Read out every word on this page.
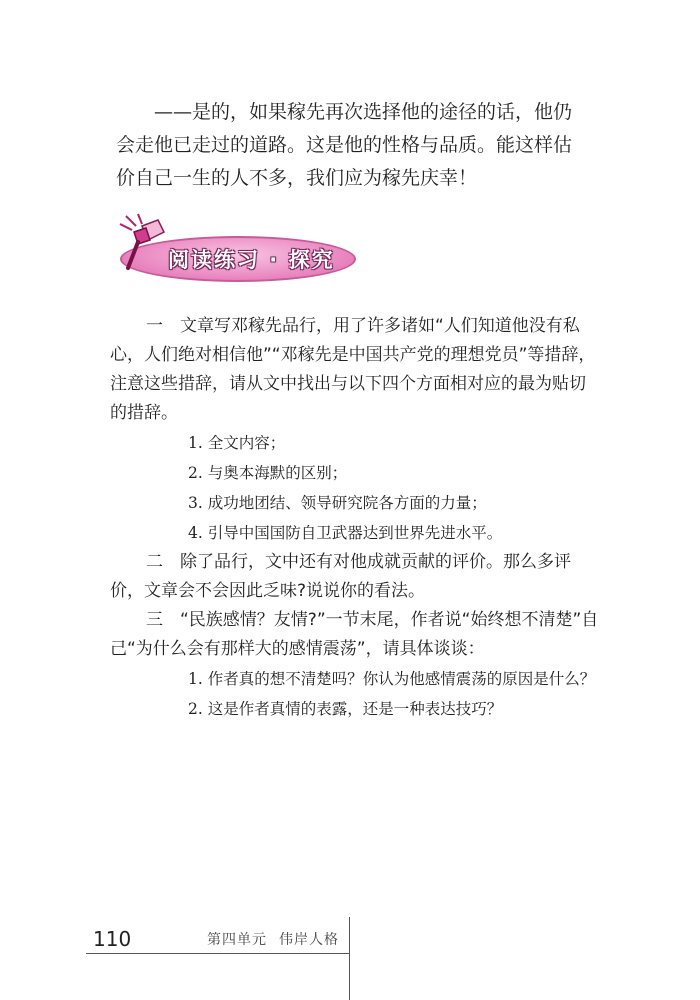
——是的，如果稼先再次选择他的途径的话，他仍

会走他已走过的道路。这是他的性格与品质。能这样估

价自己一生的人不多，我们应为稼先庆幸！

阅读练习 · 探究

一　文章写邓稼先品行，用了许多诸如“人们知道他没有私心，人们绝对相信他”“邓稼先是中国共产党的理想党员”等措辞，注意这些措辞，请从文中找出与以下四个方面相对应的最为贴切的措辞。

1. 全文内容；

2. 与奥本海默的区别；

3. 成功地团结、领导研究院各方面的力量；

4. 引导中国国防自卫武器达到世界先进水平。

二　除了品行，文中还有对他成就贡献的评价。那么多评价，文章会不会因此乏味?说说你的看法。

三　“民族感情？友情?”一节末尾，作者说“始终想不清楚”自己“为什么会有那样大的感情震荡”，请具体谈谈：

1. 作者真的想不清楚吗？你认为他感情震荡的原因是什么？

2. 这是作者真情的表露，还是一种表达技巧？

110	第四单元 伟岸人格
